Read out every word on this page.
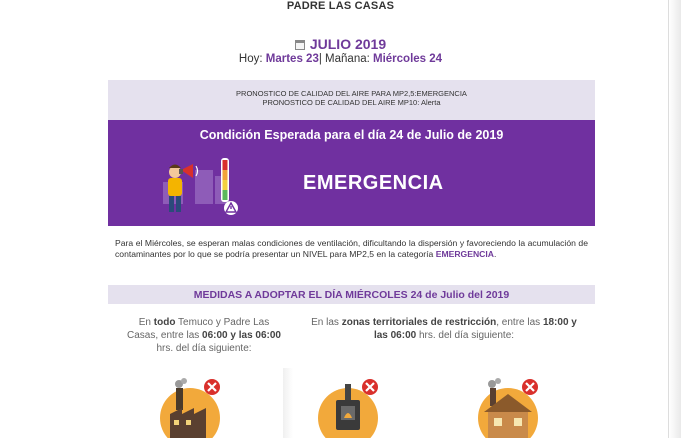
PADRE LAS CASAS
JULIO 2019
Hoy: Martes 23| Mañana: Miércoles 24
PRONOSTICO DE CALIDAD DEL AIRE PARA MP2,5:EMERGENCIA
PRONOSTICO DE CALIDAD DEL AIRE MP10: Alerta
Condición Esperada para el día 24 de Julio de 2019
EMERGENCIA
Para el Miércoles, se esperan malas condiciones de ventilación, dificultando la dispersión y favoreciendo la acumulación de contaminantes por lo que se podría presentar un NIVEL para MP2,5 en la categoría EMERGENCIA.
MEDIDAS A ADOPTAR EL DÍA MIÉRCOLES 24 de Julio del 2019
En todo Temuco y Padre Las Casas, entre las 06:00 y las 06:00 hrs. del día siguiente:
En las zonas territoriales de restricción, entre las 18:00 y las 06:00 hrs. del día siguiente:
